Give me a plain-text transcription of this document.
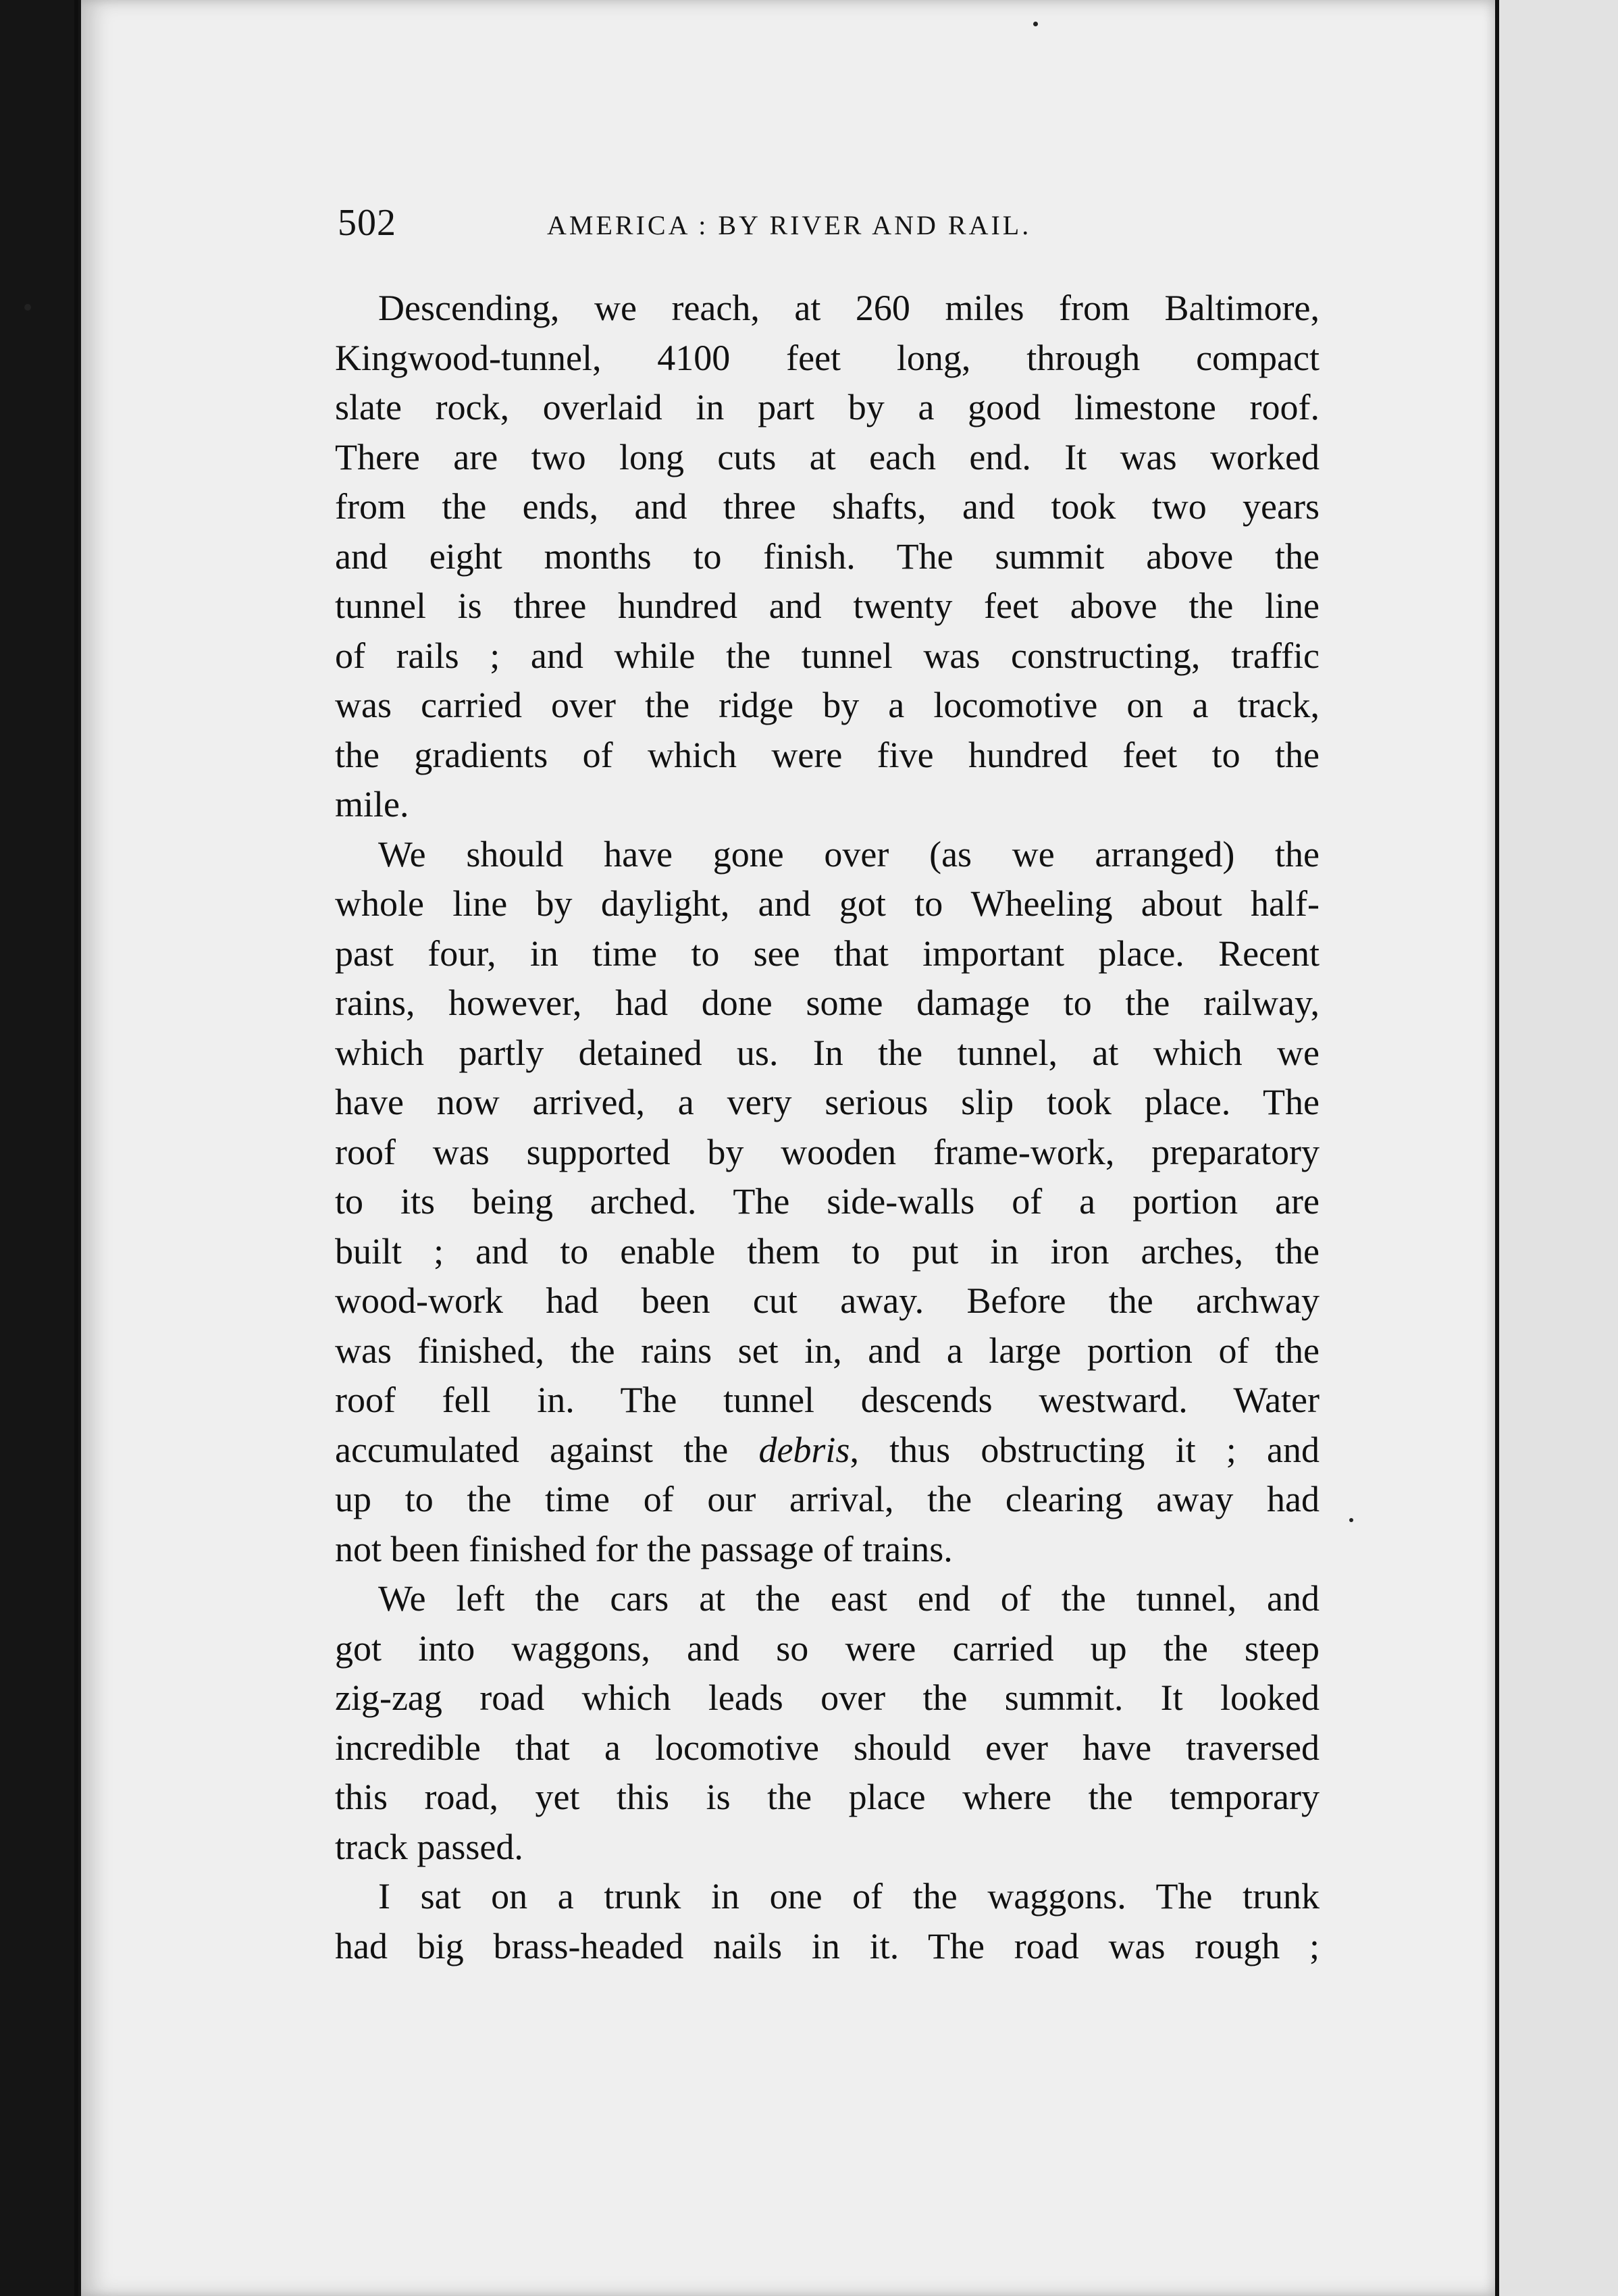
502	AMERICA : BY RIVER AND RAIL.
Descending, we reach, at 260 miles from Baltimore,
Kingwood-tunnel, 4100 feet long, through compact
slate rock, overlaid in part by a good limestone roof.
There are two long cuts at each end. It was worked
from the ends, and three shafts, and took two years
and eight months to finish. The summit above the
tunnel is three hundred and twenty feet above the line
of rails ; and while the tunnel was constructing, traffic
was carried over the ridge by a locomotive on a track,
the gradients of which were five hundred feet to the
mile.
We should have gone over (as we arranged) the
whole line by daylight, and got to Wheeling about half-
past four, in time to see that important place. Recent
rains, however, had done some damage to the railway,
which partly detained us. In the tunnel, at which we
have now arrived, a very serious slip took place. The
roof was supported by wooden frame-work, preparatory
to its being arched. The side-walls of a portion are
built ; and to enable them to put in iron arches, the
wood-work had been cut away. Before the archway
was finished, the rains set in, and a large portion of the
roof fell in. The tunnel descends westward. Water
accumulated against the debris, thus obstructing it ; and
up to the time of our arrival, the clearing away had
not been finished for the passage of trains.
We left the cars at the east end of the tunnel, and
got into waggons, and so were carried up the steep
zig-zag road which leads over the summit. It looked
incredible that a locomotive should ever have traversed
this road, yet this is the place where the temporary
track passed.
I sat on a trunk in one of the waggons. The trunk
had big brass-headed nails in it. The road was rough ;
